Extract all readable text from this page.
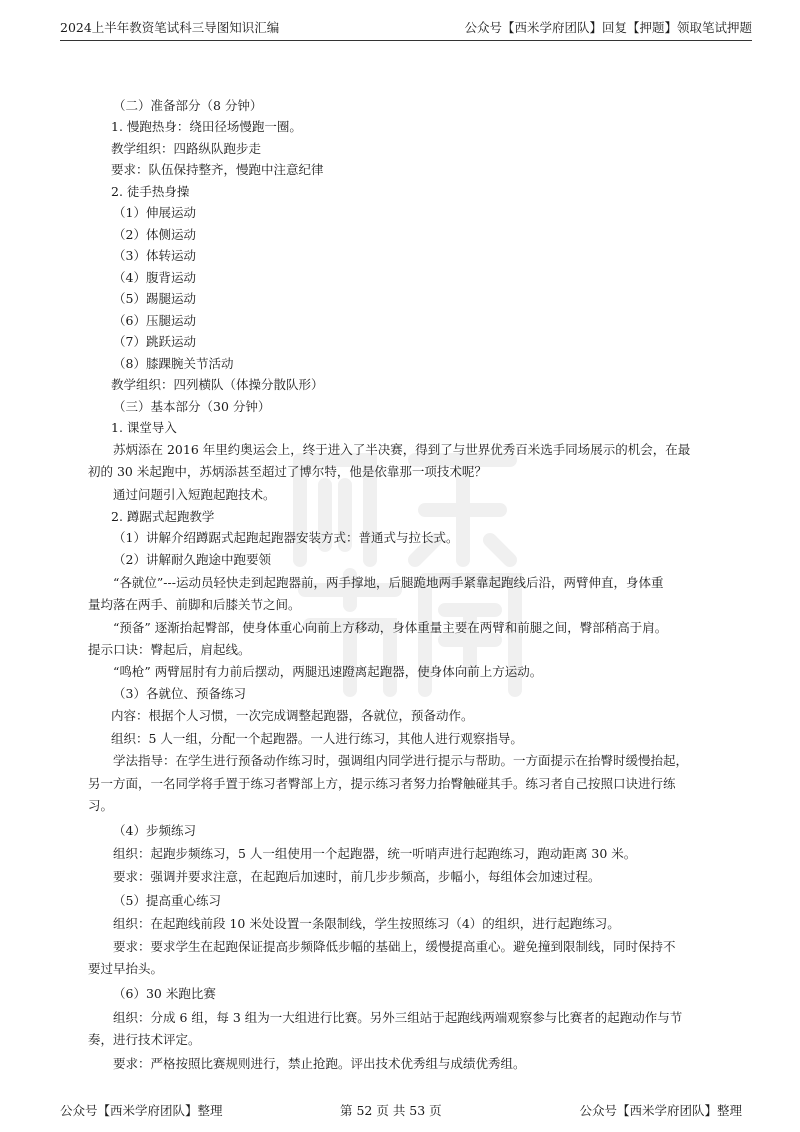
2024上半年教资笔试科三导图知识汇编	公众号【西米学府团队】回复【押题】领取笔试押题
（二）准备部分（8 分钟）
1. 慢跑热身：绕田径场慢跑一圈。
教学组织：四路纵队跑步走
要求：队伍保持整齐，慢跑中注意纪律
2. 徒手热身操
（1）伸展运动
（2）体侧运动
（3）体转运动
（4）腹背运动
（5）踢腿运动
（6）压腿运动
（7）跳跃运动
（8）膝踝腕关节活动
教学组织：四列横队（体操分散队形）
（三）基本部分（30 分钟）
1. 课堂导入
苏炳添在 2016 年里约奥运会上，终于进入了半决赛，得到了与世界优秀百米选手同场展示的机会，在最
初的 30 米起跑中，苏炳添甚至超过了博尔特，他是依靠那一项技术呢？
通过问题引入短跑起跑技术。
2. 蹲踞式起跑教学
（1）讲解介绍蹲踞式起跑起跑器安装方式：普通式与拉长式。
（2）讲解耐久跑途中跑要领
“各就位”---运动员轻快走到起跑器前，两手撑地，后腿跪地两手紧靠起跑线后沿，两臂伸直，身体重
量均落在两手、前脚和后膝关节之间。
“预备” 逐渐抬起臀部，使身体重心向前上方移动，身体重量主要在两臂和前腿之间，臀部稍高于肩。
提示口诀：臀起后，肩起线。
“鸣枪” 两臂屈肘有力前后摆动，两腿迅速蹬离起跑器，使身体向前上方运动。
（3）各就位、预备练习
内容：根据个人习惯，一次完成调整起跑器，各就位，预备动作。
组织：5 人一组，分配一个起跑器。一人进行练习，其他人进行观察指导。
学法指导：在学生进行预备动作练习时，强调组内同学进行提示与帮助。一方面提示在抬臀时缓慢抬起，
另一方面，一名同学将手置于练习者臀部上方，提示练习者努力抬臀触碰其手。练习者自己按照口诀进行练
习。
（4）步频练习
组织：起跑步频练习，5 人一组使用一个起跑器，统一听哨声进行起跑练习，跑动距离 30 米。
要求：强调并要求注意，在起跑后加速时，前几步步频高，步幅小，每组体会加速过程。
（5）提高重心练习
组织：在起跑线前段 10 米处设置一条限制线，学生按照练习（4）的组织，进行起跑练习。
要求：要求学生在起跑保证提高步频降低步幅的基础上，缓慢提高重心。避免撞到限制线，同时保持不
要过早抬头。
（6）30 米跑比赛
组织：分成 6 组，每 3 组为一大组进行比赛。另外三组站于起跑线两端观察参与比赛者的起跑动作与节
奏，进行技术评定。
要求：严格按照比赛规则进行，禁止抢跑。评出技术优秀组与成绩优秀组。
公众号【西米学府团队】整理	第 52 页 共 53 页	公众号【西米学府团队】整理
